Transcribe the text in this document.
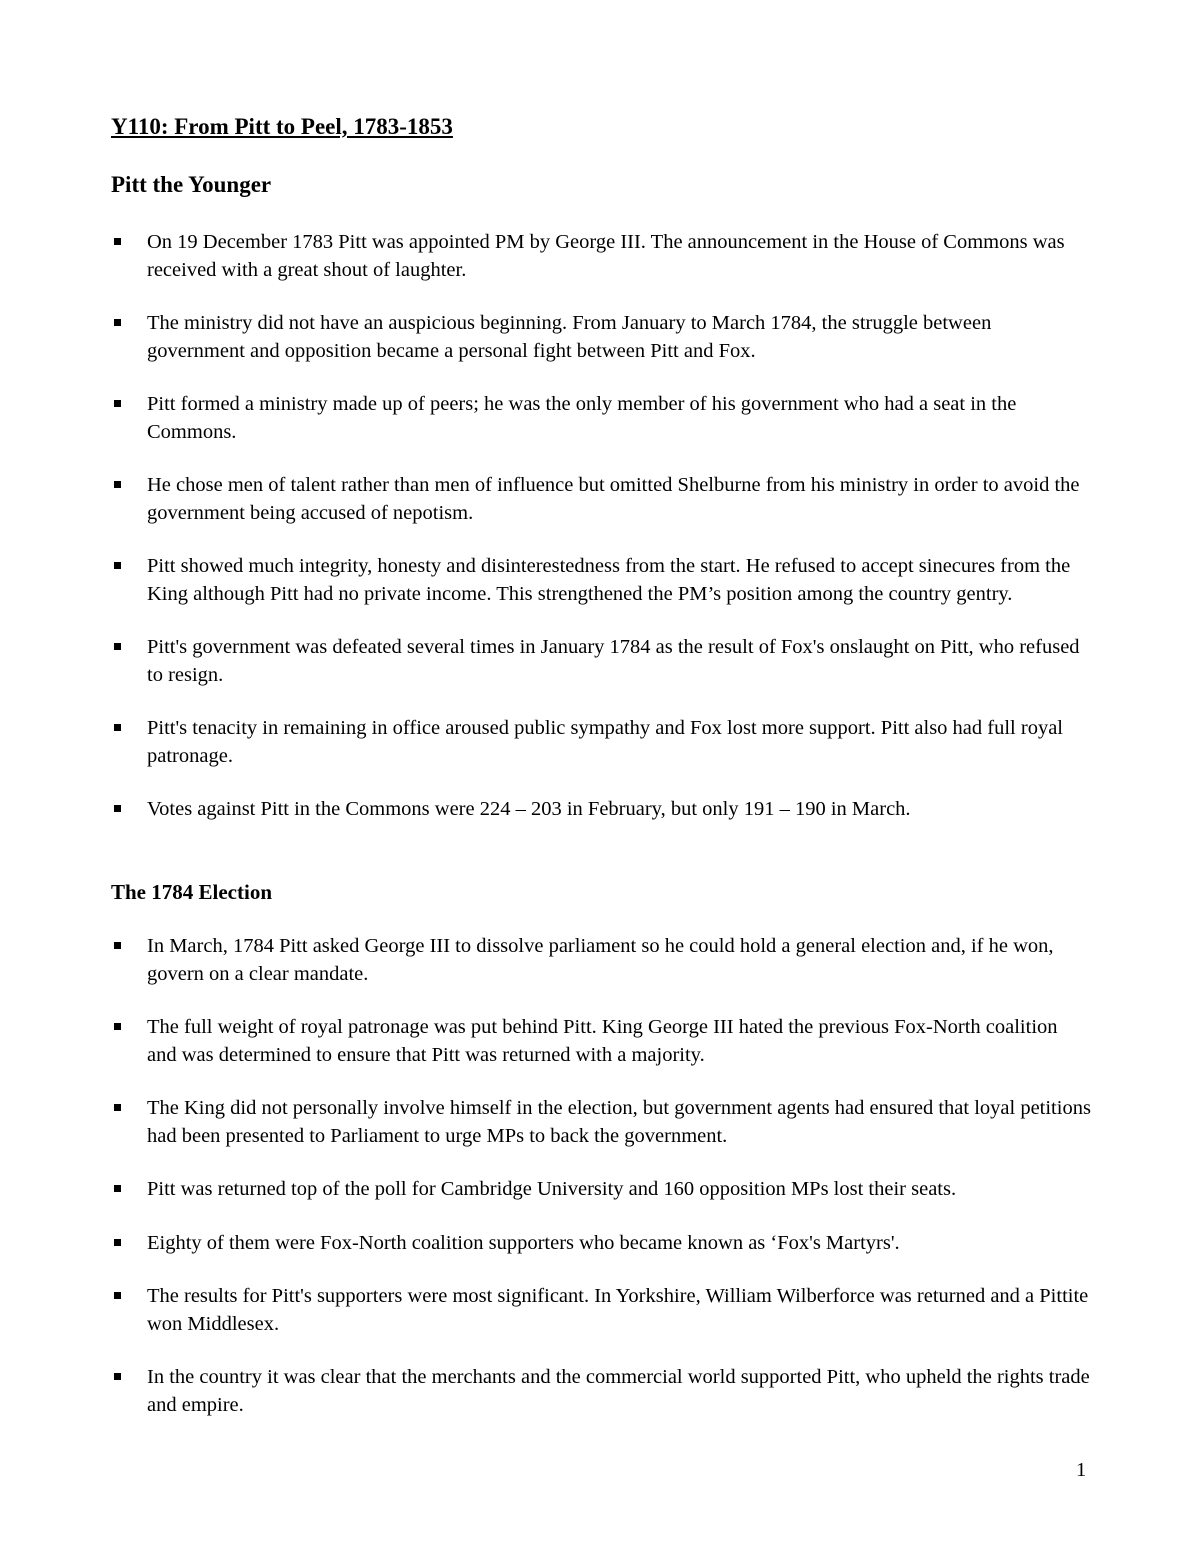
Y110: From Pitt to Peel, 1783-1853
Pitt the Younger
On 19 December 1783 Pitt was appointed PM by George III. The announcement in the House of Commons was received with a great shout of laughter.
The ministry did not have an auspicious beginning. From January to March 1784, the struggle between government and opposition became a personal fight between Pitt and Fox.
Pitt formed a ministry made up of peers; he was the only member of his government who had a seat in the Commons.
He chose men of talent rather than men of influence but omitted Shelburne from his ministry in order to avoid the government being accused of nepotism.
Pitt showed much integrity, honesty and disinterestedness from the start. He refused to accept sinecures from the King although Pitt had no private income. This strengthened the PM’s position among the country gentry.
Pitt's government was defeated several times in January 1784 as the result of Fox's onslaught on Pitt, who refused to resign.
Pitt's tenacity in remaining in office aroused public sympathy and Fox lost more support. Pitt also had full royal patronage.
Votes against Pitt in the Commons were 224 – 203 in February, but only 191 – 190 in March.
The 1784 Election
In March, 1784 Pitt asked George III to dissolve parliament so he could hold a general election and, if he won, govern on a clear mandate.
The full weight of royal patronage was put behind Pitt. King George III hated the previous Fox-North coalition and was determined to ensure that Pitt was returned with a majority.
The King did not personally involve himself in the election, but government agents had ensured that loyal petitions had been presented to Parliament to urge MPs to back the government.
Pitt was returned top of the poll for Cambridge University and 160 opposition MPs lost their seats.
Eighty of them were Fox-North coalition supporters who became known as ‘Fox's Martyrs'.
The results for Pitt's supporters were most significant. In Yorkshire, William Wilberforce was returned and a Pittite won Middlesex.
In the country it was clear that the merchants and the commercial world supported Pitt, who upheld the rights trade and empire.
1
